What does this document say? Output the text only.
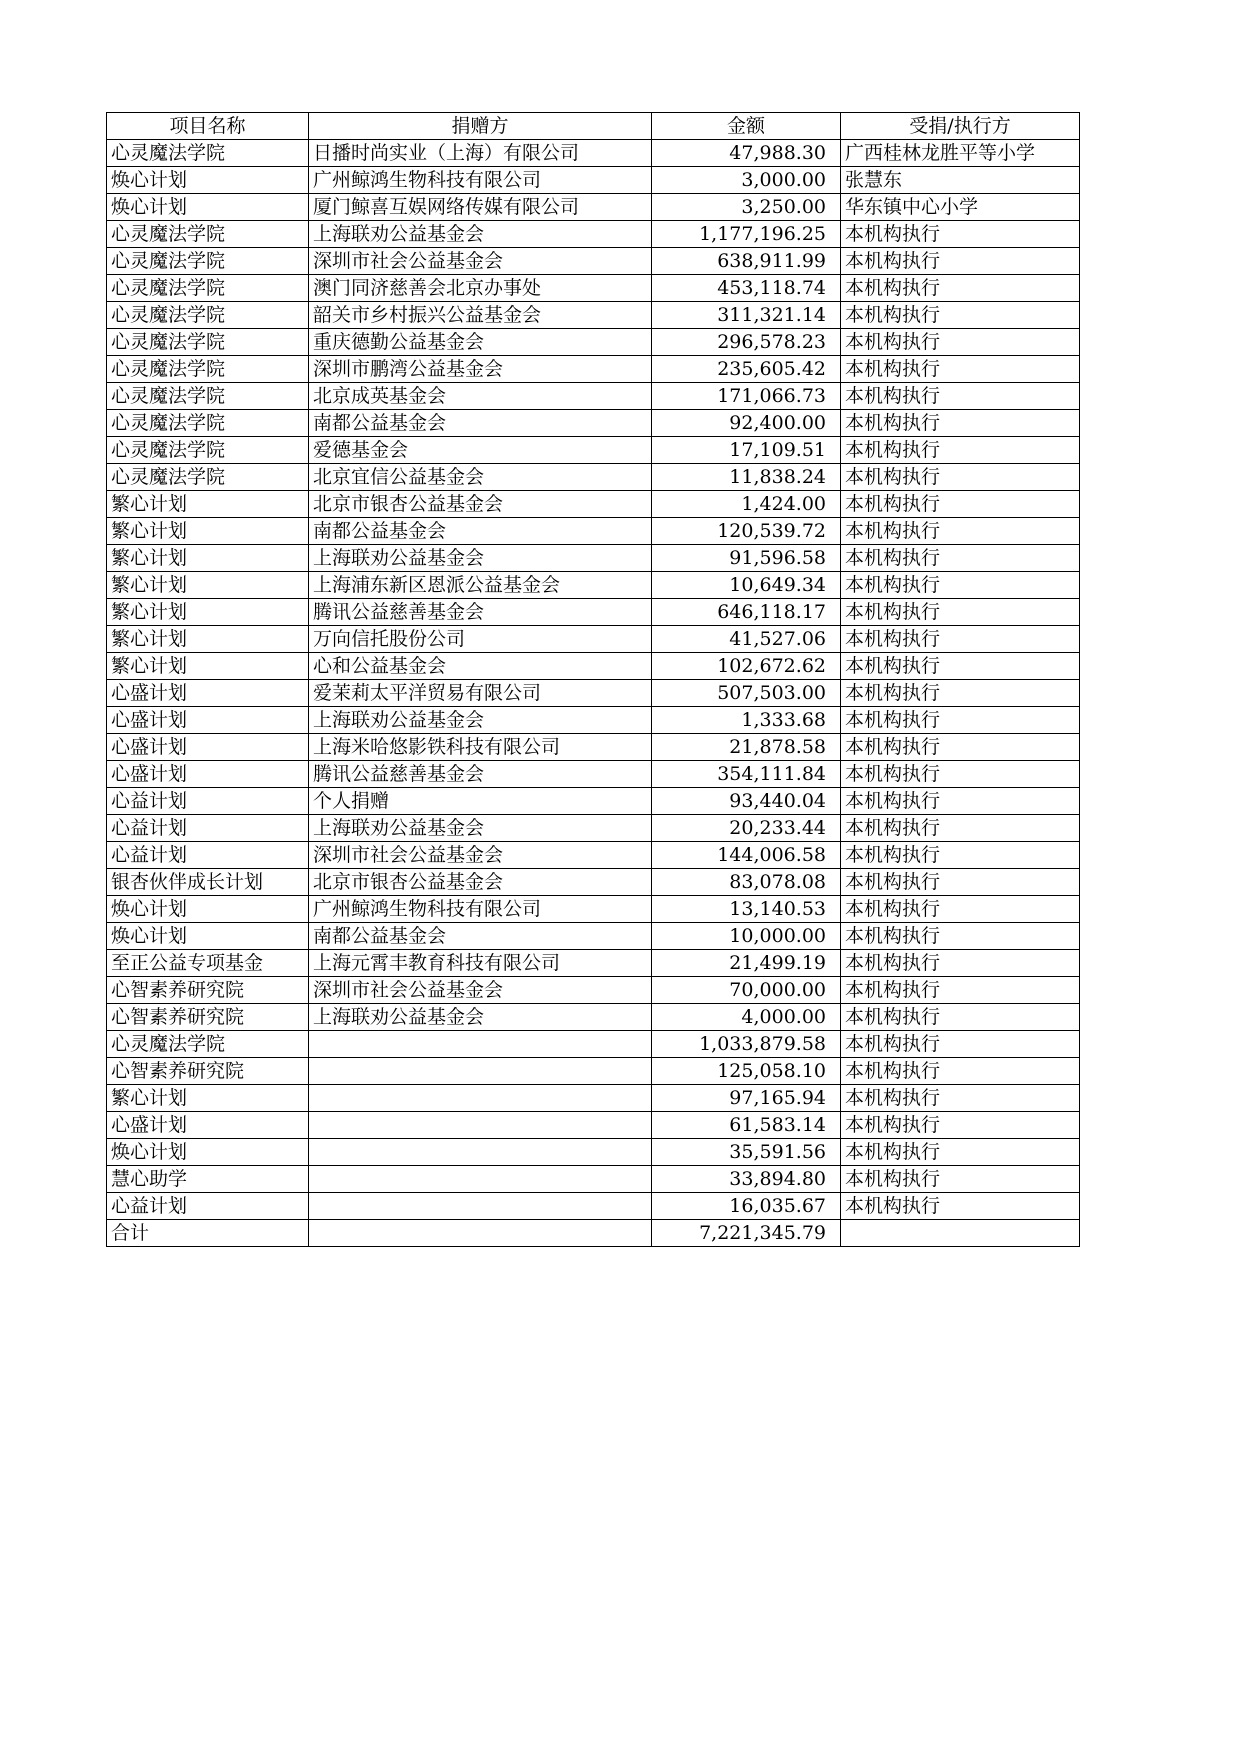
项目名称	捐赠方	金额	受捐/执行方
心灵魔法学院	日播时尚实业（上海）有限公司	47,988.30	广西桂林龙胜平等小学
焕心计划	广州鲸鸿生物科技有限公司	3,000.00	张慧东
焕心计划	厦门鲸喜互娱网络传媒有限公司	3,250.00	华东镇中心小学
心灵魔法学院	上海联劝公益基金会	1,177,196.25	本机构执行
心灵魔法学院	深圳市社会公益基金会	638,911.99	本机构执行
心灵魔法学院	澳门同济慈善会北京办事处	453,118.74	本机构执行
心灵魔法学院	韶关市乡村振兴公益基金会	311,321.14	本机构执行
心灵魔法学院	重庆德勤公益基金会	296,578.23	本机构执行
心灵魔法学院	深圳市鹏湾公益基金会	235,605.42	本机构执行
心灵魔法学院	北京成英基金会	171,066.73	本机构执行
心灵魔法学院	南都公益基金会	92,400.00	本机构执行
心灵魔法学院	爱德基金会	17,109.51	本机构执行
心灵魔法学院	北京宜信公益基金会	11,838.24	本机构执行
繁心计划	北京市银杏公益基金会	1,424.00	本机构执行
繁心计划	南都公益基金会	120,539.72	本机构执行
繁心计划	上海联劝公益基金会	91,596.58	本机构执行
繁心计划	上海浦东新区恩派公益基金会	10,649.34	本机构执行
繁心计划	腾讯公益慈善基金会	646,118.17	本机构执行
繁心计划	万向信托股份公司	41,527.06	本机构执行
繁心计划	心和公益基金会	102,672.62	本机构执行
心盛计划	爱茉莉太平洋贸易有限公司	507,503.00	本机构执行
心盛计划	上海联劝公益基金会	1,333.68	本机构执行
心盛计划	上海米哈悠影铁科技有限公司	21,878.58	本机构执行
心盛计划	腾讯公益慈善基金会	354,111.84	本机构执行
心益计划	个人捐赠	93,440.04	本机构执行
心益计划	上海联劝公益基金会	20,233.44	本机构执行
心益计划	深圳市社会公益基金会	144,006.58	本机构执行
银杏伙伴成长计划	北京市银杏公益基金会	83,078.08	本机构执行
焕心计划	广州鲸鸿生物科技有限公司	13,140.53	本机构执行
焕心计划	南都公益基金会	10,000.00	本机构执行
至正公益专项基金	上海元霄丰教育科技有限公司	21,499.19	本机构执行
心智素养研究院	深圳市社会公益基金会	70,000.00	本机构执行
心智素养研究院	上海联劝公益基金会	4,000.00	本机构执行
心灵魔法学院		1,033,879.58	本机构执行
心智素养研究院		125,058.10	本机构执行
繁心计划		97,165.94	本机构执行
心盛计划		61,583.14	本机构执行
焕心计划		35,591.56	本机构执行
慧心助学		33,894.80	本机构执行
心益计划		16,035.67	本机构执行
合计		7,221,345.79	
